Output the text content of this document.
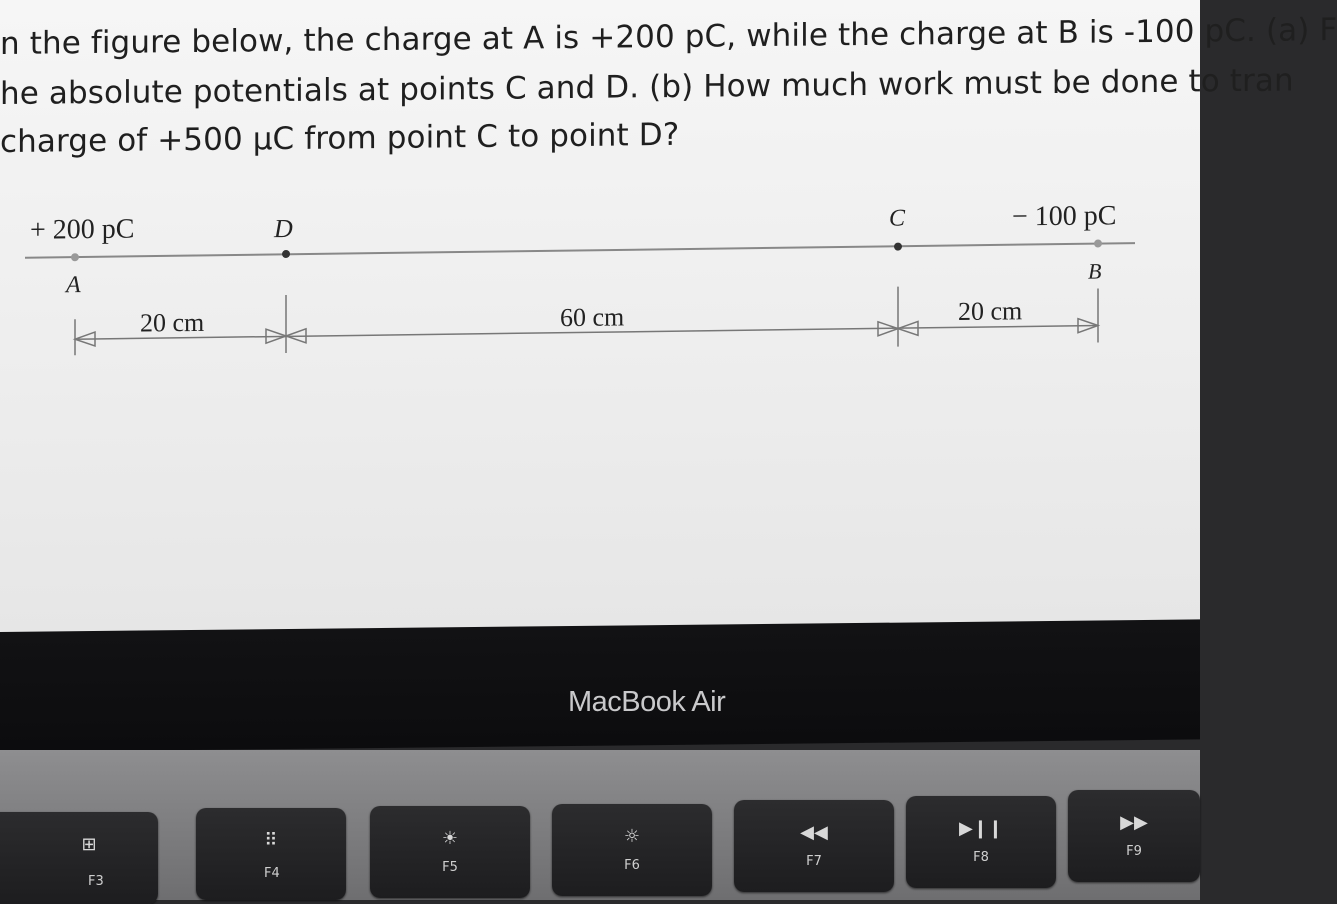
n the figure below, the charge at A is +200 pC, while the charge at B is -100 pC. (a) F
he absolute potentials at points C and D. (b) How much work must be done to tran
charge of +500 μC from point C to point D?
+ 200 pC	D	C	− 100 pC
A
B
20 cm	60 cm	20 cm
MacBook Air
⊞
F3
⠿
F4
☀
F5
☼
F6
◀◀
F7
▶❙❙
F8
▶▶
F9
